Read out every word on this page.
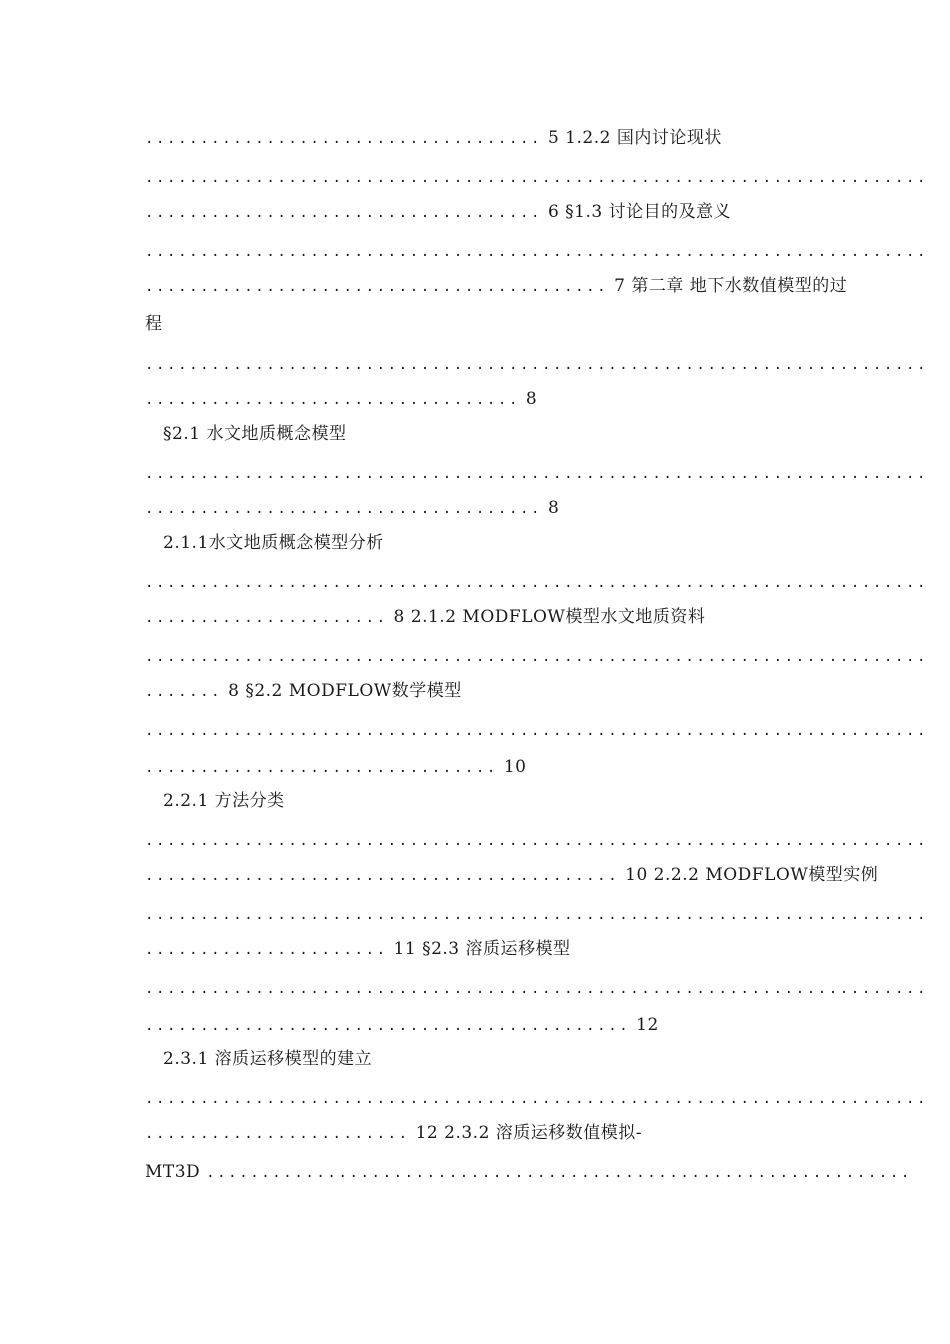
.................................... 5 1.2.2 国内讨论现状
.......................................................................
.................................... 6 §1.3 讨论目的及意义
.......................................................................
.......................................... 7 第二章 地下水数值模型的过
程
.......................................................................
.................................. 8
§2.1 水文地质概念模型
.......................................................................
.................................... 8
2.1.1水文地质概念模型分析
.......................................................................
...................... 8 2.1.2 MODFLOW模型水文地质资料
.......................................................................
....... 8 §2.2 MODFLOW数学模型
.......................................................................
................................ 10
2.2.1 方法分类
.......................................................................
........................................... 10 2.2.2 MODFLOW模型实例
.......................................................................
...................... 11 §2.3 溶质运移模型
.......................................................................
............................................ 12
2.3.1 溶质运移模型的建立
.......................................................................
........................ 12 2.3.2 溶质运移数值模拟-
MT3D ................................................................
